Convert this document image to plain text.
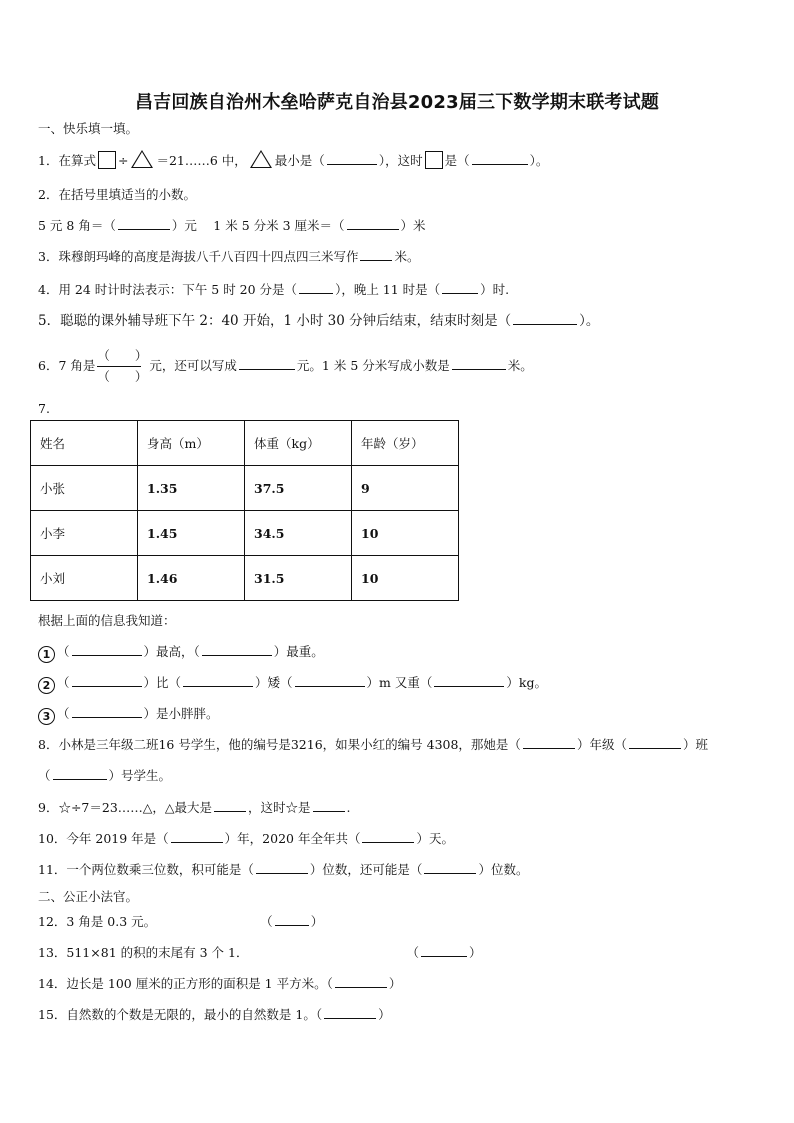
昌吉回族自治州木垒哈萨克自治县2023届三下数学期末联考试题
一、快乐填一填。
1．在算式 ÷ ＝21……6 中， 最小是（	），这时 是（	）。
2．在括号里填适当的小数。
5 元 8 角＝（	）元　 1 米 5 分米 3 厘米＝（	）米
3．珠穆朗玛峰的高度是海拔八千八百四十四点四三米写作	米。
4．用 24 时计时法表示：下午 5 时 20 分是（	），晚上 11 时是（	）时.
5．聪聪的课外辅导班下午 2：40 开始，1 小时 30 分钟后结束，结束时刻是（	）。
6．7 角是 $\frac{( )}{( )}$ 元，还可以写成	元。1 米 5 分米写成小数是	米。
7.
姓名	身高（m）	体重（kg）	年龄（岁）
小张	1.35	37.5	9
小李	1.45	34.5	10
小刘	1.46	31.5	10
根据上面的信息我知道：
1 （	）最高，（	）最重。
2 （	）比（	）矮（	）m 又重（	）kg。
3 （	）是小胖胖。
8．小林是三年级二班16 号学生，他的编号是3216，如果小红的编号 4308，那她是（	）年级（	）班
（	）号学生。
9．☆÷7＝23……△，△最大是	，这时☆是	.
10．今年 2019 年是（	）年，2020 年全年共（	）天。
11．一个两位数乘三位数，积可能是（	）位数，还可能是（	）位数。
二、公正小法官。
12．3 角是 0.3 元。	（	）
13．511×81 的积的末尾有 3 个 1．	（	）
14．边长是 100 厘米的正方形的面积是 1 平方米。（	）
15．自然数的个数是无限的，最小的自然数是 1。（	）
